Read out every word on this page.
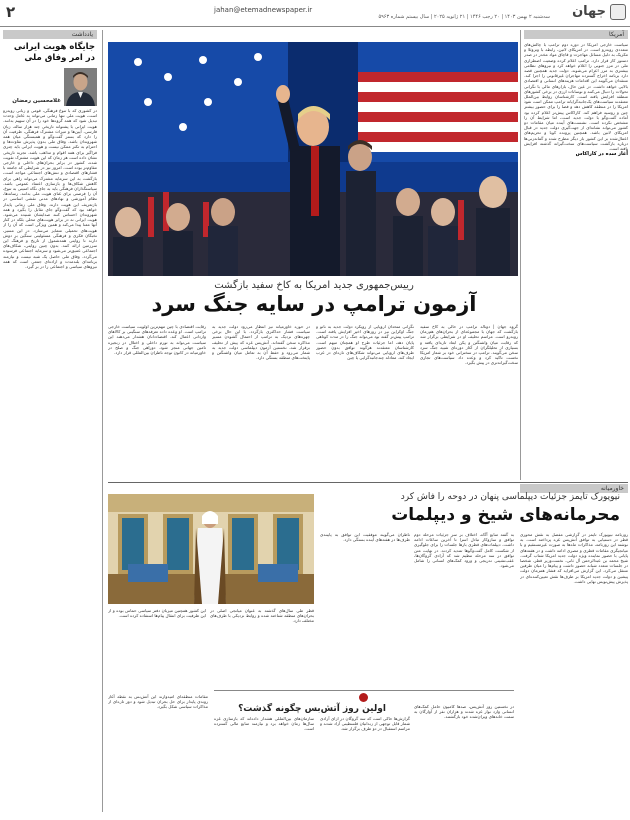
۲	جهان
jahan@etemadnewspaper.ir
سه‌شنبه ۲ بهمن ۱۴۰۳ | ۲۰ رجب ۱۴۴۶ | ۲۱ ژانویه ۲۰۲۵ | سال بیستم شماره ۵۹۶۳
یادداشت	آمریکا
خاورمیانه
جایگاه هویت ایرانی در امر وفاق ملی
غلامحسین رمضان
در کشوری که با تنوع فرهنگی، قومی و زبانی روبه‌رو است، هویت ملی تنها زمانی می‌تواند به عامل وحدت تبدیل شود که همه گروه‌ها خود را در آن سهیم بدانند. هویت ایرانی با پشتوانه تاریخی چند هزار ساله، زبان فارسی، آیین‌ها و میراث مشترک فرهنگی، ظرفیت آن را دارد که بستر گفت‌وگو و همبستگی میان همه شهروندان باشد. وفاق ملی بدون پذیرش تفاوت‌ها و احترام به تکثر ممکن نیست و هویت ایرانی باید چتری فراگیر برای همه اقوام و مذاهب باشد. تجربه تاریخی نشان داده است هر زمان که این هویت مشترک تقویت شده، کشور در برابر بحران‌های داخلی و خارجی مقاوم‌تر بوده است. امروز نیز در شرایطی که جامعه با فشارهای اقتصادی و تنش‌های اجتماعی مواجه است، بازگشت به این سرمایه مشترک می‌تواند راهی برای کاهش شکاف‌ها و بازسازی اعتماد عمومی باشد. سیاستگذاران فرهنگی باید به جای نگاه امنیتی به تنوع، آن را فرصتی برای غنای هویت ملی بدانند. رسانه‌ها، نظام آموزشی و نهادهای مدنی نقشی اساسی در بازتعریف این هویت دارند. وفاق ملی زمانی پایدار خواهد بود که گفت‌وگو جای تقابل را بگیرد و همه شهروندان احساس کنند صدایشان شنیده می‌شود. هویت ایرانی نه در برابر هویت‌های محلی بلکه در کنار آنها معنا پیدا می‌کند و همین ویژگی است که آن را از هویت‌های تحمیلی متمایز می‌سازد. در این مسیر، نخبگان فکری و فرهنگی مسئولیتی سنگین بر دوش دارند تا روایتی همه‌شمول از تاریخ و فرهنگ این سرزمین ارائه کنند. بدون چنین روایتی، شکاف‌های اجتماعی عمیق‌تر می‌شود و سرمایه اجتماعی فرسوده می‌گردد. وفاق ملی حاصل یک شبه نیست و نیازمند برنامه‌ای بلندمدت و اراده‌ای جمعی است که همه نیروهای سیاسی و اجتماعی را در بر گیرد.
رییس‌جمهوری جدید امریکا به کاخ سفید بازگشت
آزمون ترامپ در سایه جنگ سرد
رقابت اقتصادی با چین مهم‌ترین اولویت سیاست خارجی ترامپ است. او وعده داده تعرفه‌های سنگینی بر کالاهای وارداتی اعمال کند. اقتصاددانان هشدار می‌دهند این سیاست می‌تواند به تورم داخلی و اختلال در زنجیره تامین جهانی منجر شود. دوراهی جنگ و صلح در خاورمیانه در کانون توجه ناظران بین‌المللی قرار دارد.
در حوزه خاورمیانه نیز انتظار می‌رود دولت جدید به سیاست فشار حداکثری بازگردد. با این حال برخی چهره‌های نزدیک به ترامپ از احتمال گشودن مسیر مذاکره سخن گفته‌اند. آتش‌بس غزه که پیش از تحلیف برقرار شد، نخستین آزمون دیپلماسی دولت جدید به شمار می‌رود و حفظ آن به تعامل میان واشنگتن و پایتخت‌های منطقه بستگی دارد.
نگرانی متحدان اروپایی از رویکرد دولت جدید به ناتو و جنگ اوکراین نیز در روزهای اخیر افزایش یافته است. ترامپ پیش‌تر گفته بود می‌تواند جنگ را در مدت کوتاهی پایان دهد، اما جزئیات طرح او همچنان مبهم است. کارشناسان معتقدند هرگونه توافق بدون حضور طرف‌های اروپایی می‌تواند شکاف‌های تازه‌ای در غرب ایجاد کند. معادله چندجانبه‌گرایی یا چین
گروه جهان | دونالد ترامپ در حالی به کاخ سفید بازگشت که جهان با مجموعه‌ای از بحران‌های هم‌زمان روبه‌رو است. مراسم تحلیف او در شرایطی برگزار شد که رقابت میان واشنگتن و پکن ابعاد تازه‌ای یافته و بسیاری از تحلیلگران از آغاز دوره‌ای شبیه جنگ سرد سخن می‌گویند. ترامپ در سخنرانی خود بر شعار امریکا نخست تاکید کرد و وعده داد سیاست‌های تجاری سخت‌گیرانه‌تری در پیش بگیرد.
سیاست خارجی امریکا در دوره دوم ترامپ با چالش‌های متعددی روبه‌رو است. در امریکای لاتین، رابطه با ونزوئلا و مکزیک به دلیل مسائل مهاجرت و قاچاق مواد مخدر در صدر دستور کار قرار دارد. ترامپ اعلام کرده وضعیت اضطراری ملی در مرز جنوبی را اعلام خواهد کرد و نیروهای نظامی بیشتری به مرز اعزام می‌شوند. دولت جدید همچنین قصد دارد برنامه اخراج گسترده مهاجران غیرقانونی را اجرا کند. منتقدان می‌گویند این اقدامات هزینه‌های انسانی و اقتصادی بالایی خواهد داشت. در عین حال، بازارهای مالی با نگرانی تحولات را دنبال می‌کنند و نوسانات ارزی در برخی کشورهای منطقه افزایش یافته است. کارشناسان روابط بین‌الملل معتقدند سیاست‌های یک‌جانبه‌گرایانه ترامپ ممکن است نفوذ امریکا را در منطقه کاهش دهد و فضا را برای حضور بیشتر چین و روسیه فراهم کند. کاراکاس پیش‌تر اعلام کرده بود آماده گفت‌وگو با دولت جدید است، اما شرایط آن را مشخص نکرده است. نشست‌های آینده میان مقامات دو کشور می‌تواند نشانه‌ای از جهت‌گیری دولت جدید در قبال امریکای لاتین باشد. همچنین پرونده کوبا و تحریم‌های اعمال‌شده بر این کشور بار دیگر مطرح شده و گمانه‌زنی‌ها درباره بازگشت سیاست‌های سخت‌گیرانه گذشته افزایش یافته است.
آغاز سده در کاراکاس
نیویورک تایمز جزئیات دیپلماسی پنهان در دوحه را فاش کرد
محرمانه‌های شیخ و دیپلمات
روزنامه نیویورک تایمز در گزارشی مفصل به نقش محوری قطر در دستیابی به توافق آتش‌بس غزه پرداخته است. به نوشته این روزنامه، مذاکرات ماه‌ها به صورت غیرمستقیم و با میانجیگری مقامات قطری و مصری ادامه داشت و در هفته‌های پایانی با حضور نماینده ویژه دولت جدید امریکا شتاب گرفت. شیخ محمد بن عبدالرحمن آل ثانی، نخست‌وزیر قطر، شخصا در جلسات متعدد شبانه حضور داشت و پیام‌ها را میان طرفین منتقل می‌کرد. این گزارش می‌افزاید که فشار همزمان دولت پیشین و دولت جدید امریکا بر طرف‌ها نقش تعیین‌کننده‌ای در پذیرش پیش‌نویس نهایی داشت.
به گفته منابع آگاه، اختلاف بر سر جزئیات مرحله دوم توافق و سازوکار تبادل اسرا تا آخرین ساعات ادامه داشت. دیپلمات‌های قطری بارها جلسات را برای جلوگیری از شکست کامل گفت‌وگوها تمدید کردند. در نهایت متن توافق در سه مرحله تنظیم شد که آزادی گروگان‌ها، عقب‌نشینی تدریجی و ورود کمک‌های انسانی را شامل می‌شود.
ناظران می‌گویند موفقیت این توافق به پایبندی طرف‌ها در هفته‌های آینده بستگی دارد.
قطر طی سال‌های گذشته به عنوان میانجی اصلی در بحران‌های منطقه شناخته شده و روابط نزدیکی با طرف‌های مختلف دارد.
این کشور همچنین میزبان دفتر سیاسی حماس بوده و از این ظرفیت برای انتقال پیام‌ها استفاده کرده است.
اولین روز آتش‌بس چگونه گذشت؟	در نخستین روز آتش‌بس، صدها کامیون حامل کمک‌های انسانی وارد نوار غزه شدند و هزاران نفر از آوارگان به سمت خانه‌های ویران‌شده خود بازگشتند.
گزارش‌ها حاکی است که سه گروگان در ازای آزادی شمار قابل توجهی از زندانیان فلسطینی آزاد شدند و مراسم استقبال در دو طرف برگزار شد.
سازمان‌های بین‌المللی هشدار داده‌اند که بازسازی غزه سال‌ها زمان خواهد برد و نیازمند منابع مالی گسترده است.
مقامات منطقه‌ای امیدوارند این آتش‌بس به نقطه آغاز روندی پایدار برای حل بحران تبدیل شود و دور تازه‌ای از مذاکرات سیاسی شکل بگیرد.
